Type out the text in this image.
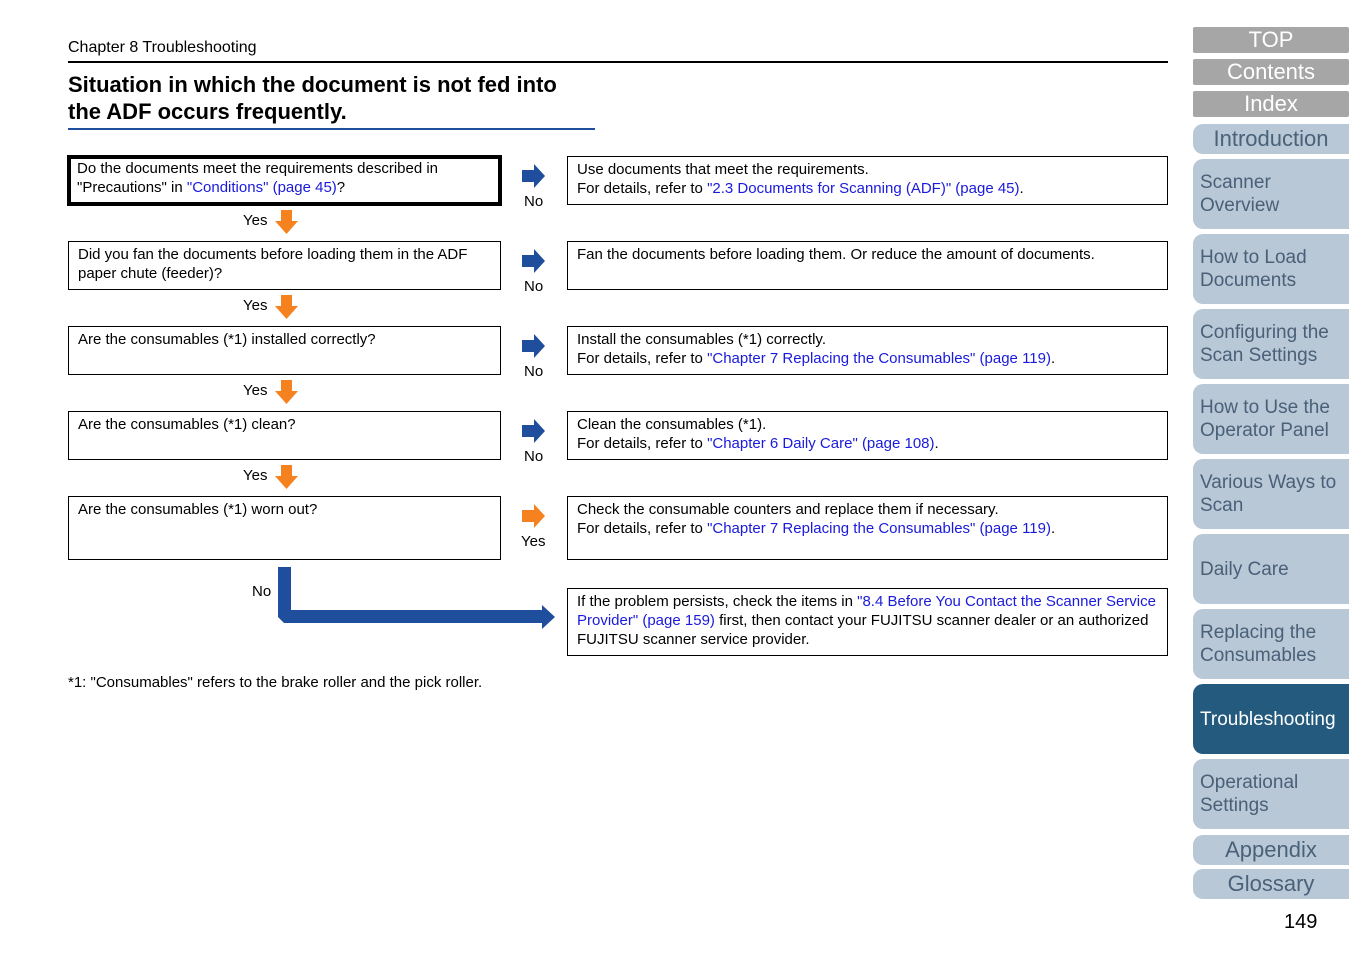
Chapter 8 Troubleshooting
Situation in which the document is not fed into
the ADF occurs frequently.
Do the documents meet the requirements described in "Precautions" in "Conditions" (page 45)?
Did you fan the documents before loading them in the ADF paper chute (feeder)?
Are the consumables (*1) installed correctly?
Are the consumables (*1) clean?
Are the consumables (*1) worn out?
Use documents that meet the requirements.
For details, refer to "2.3 Documents for Scanning (ADF)" (page 45).
Fan the documents before loading them. Or reduce the amount of documents.
Install the consumables (*1) correctly.
For details, refer to "Chapter 7 Replacing the Consumables" (page 119).
Clean the consumables (*1).
For details, refer to "Chapter 6 Daily Care" (page 108).
Check the consumable counters and replace them if necessary.
For details, refer to "Chapter 7 Replacing the Consumables" (page 119).
If the problem persists, check the items in "8.4 Before You Contact the Scanner Service Provider" (page 159) first, then contact your FUJITSU scanner dealer or an authorized FUJITSU scanner service provider.
No
No
No
No
Yes
Yes
Yes
Yes
Yes
No
*1: "Consumables" refers to the brake roller and the pick roller.
TOP
Contents
Index
Introduction
Scanner Overview
How to Load Documents
Configuring the Scan Settings
How to Use the Operator Panel
Various Ways to Scan
Daily Care
Replacing the Consumables
Troubleshooting
Operational Settings
Appendix
Glossary
149
